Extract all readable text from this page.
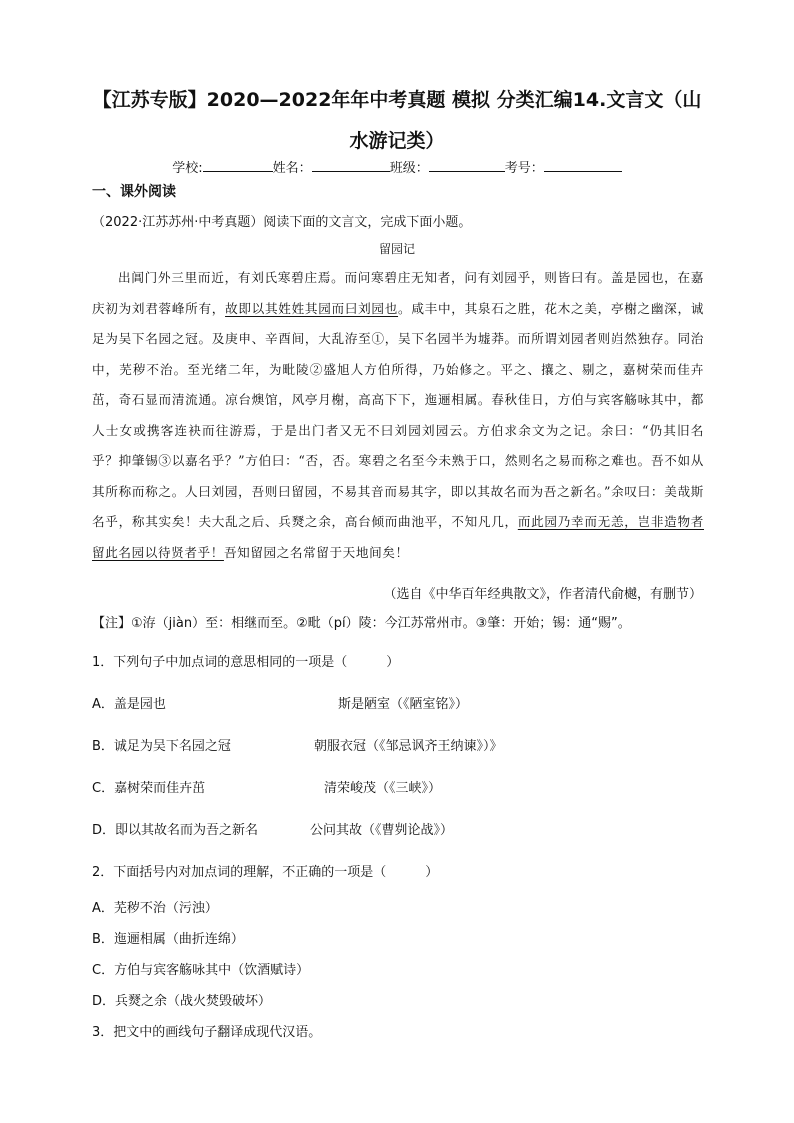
【江苏专版】2020—2022年年中考真题 模拟 分类汇编14.文言文（山
水游记类）
学校:	姓名：	班级：	考号：
一、课外阅读
（2022·江苏苏州·中考真题）阅读下面的文言文，完成下面小题。
留园记
出阊门外三里而近，有刘氏寒碧庄焉。而问寒碧庄无知者，问有刘园乎，则皆曰有。盖是园也，在嘉庆初为刘君蓉峰所有，故即以其姓姓其园而曰刘园也。咸丰中，其泉石之胜，花木之美，亭榭之幽深，诚足为吴下名园之冠。及庚申、辛酉间，大乱洊至①，吴下名园半为墟莽。而所谓刘园者则岿然独存。同治中，芜秽不治。至光绪二年，为毗陵②盛旭人方伯所得，乃始修之。平之、攘之、剔之，嘉树荣而佳卉茁，奇石显而清流通。凉台燠馆，风亭月榭，高高下下，迤逦相属。春秋佳日，方伯与宾客觞咏其中，都人士女或携客连袂而往游焉，于是出门者又无不曰刘园刘园云。方伯求余文为之记。余曰：“仍其旧名乎？抑肇锡③以嘉名乎？”方伯曰：“否，否。寒碧之名至今未熟于口，然则名之易而称之难也。吾不如从其所称而称之。人曰刘园，吾则曰留园，不易其音而易其字，即以其故名而为吾之新名。”余叹曰：美哉斯名乎，称其实矣！夫大乱之后、兵燹之余，高台倾而曲池平，不知凡几，而此园乃幸而无恙，岂非造物者留此名园以待贤者乎！吾知留园之名常留于天地间矣！
（选自《中华百年经典散文》，作者清代俞樾，有删节）
【注】①洊（jiàn）至：相继而至。②毗（pí）陵：今江苏常州市。③肇：开始；锡：通“赐”。
1．下列句子中加点词的意思相同的一项是（　　　）
A．盖是园也	斯是陋室（《陋室铭》）
B．诚足为吴下名园之冠	朝服衣冠（《邹忌讽齐王纳谏》）》
C．嘉树荣而佳卉茁	清荣峻茂（《三峡》）
D．即以其故名而为吾之新名	公问其故（《曹刿论战》）
2．下面括号内对加点词的理解，不正确的一项是（　　　）
A．芜秽不治（污浊）
B．迤逦相属（曲折连绵）
C．方伯与宾客觞咏其中（饮酒赋诗）
D．兵燹之余（战火焚毁破坏）
3．把文中的画线句子翻译成现代汉语。
